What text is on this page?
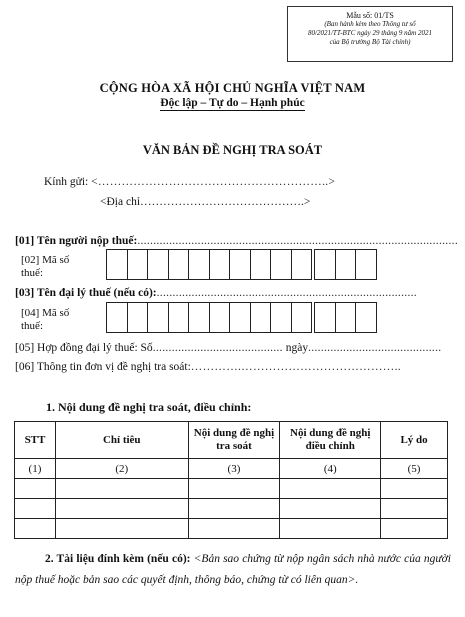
Mẫu số: 01/TS
(Ban hành kèm theo Thông tư số
80/2021/TT-BTC ngày 29 tháng 9 năm 2021
của Bộ trưởng Bộ Tài chính)
CỘNG HÒA XÃ HỘI CHỦ NGHĨA VIỆT NAM
Độc lập – Tự do – Hạnh phúc
VĂN BẢN ĐỀ NGHỊ TRA SOÁT
Kính gửi: <…………………………………………………..>
<Địa chỉ…………………………………….>
[01] Tên người nộp thuế:.....................................................................................................
[02] Mã số
thuế:
[03] Tên đại lý thuế (nếu có):..................................................................................
[04] Mã số
thuế:
[05] Hợp đồng đại lý thuế: Số......................................... ngày..........................................
[06] Thông tin đơn vị đề nghị tra soát:………….…………………………………..
1. Nội dung đề nghị tra soát, điều chỉnh:
STT	Chỉ tiêu	Nội dung đề nghị tra soát	Nội dung đề nghị điều chỉnh	Lý do
(1)	(2)	(3)	(4)	(5)

2. Tài liệu đính kèm (nếu có): <Bản sao chứng từ nộp ngân sách nhà nước của người nộp thuế hoặc bản sao các quyết định, thông báo, chứng từ có liên quan>.
